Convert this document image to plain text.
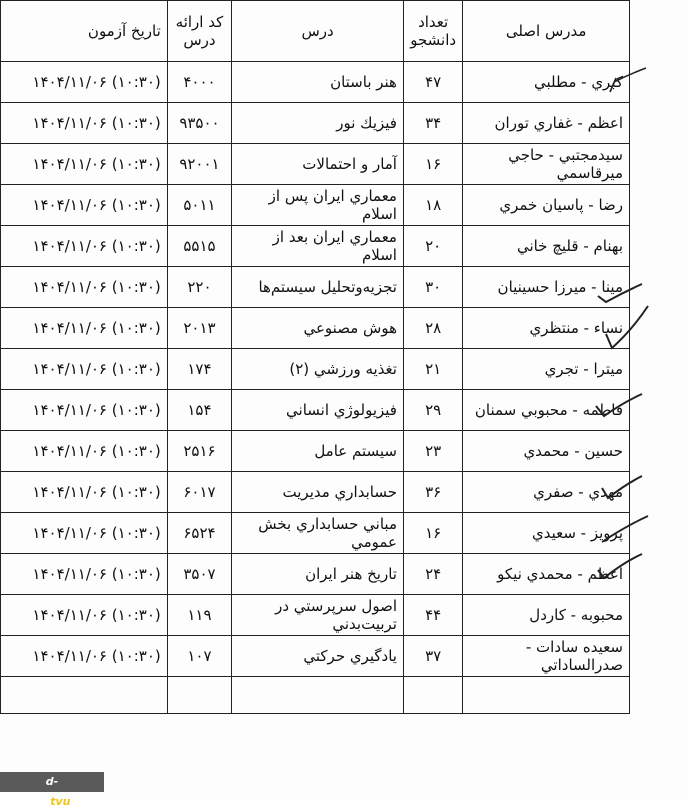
مدرس اصلی	تعداد دانشجو	درس	کد ارائه درس	تاريخ آزمون
كبري - مطلبي	۴۷	هنر باستان	۴۰۰۰	۱۴۰۴/۱۱/۰۶ (۱۰:۳۰)
اعظم - غفاري توران	۳۴	فيزيك نور	۹۳۵۰۰	۱۴۰۴/۱۱/۰۶ (۱۰:۳۰)
سيدمجتبي - حاجي ميرقاسمي	۱۶	آمار و احتمالات	۹۲۰۰۱	۱۴۰۴/۱۱/۰۶ (۱۰:۳۰)
رضا - پاسيان خمري	۱۸	معماري ايران پس از اسلام	۵۰۱۱	۱۴۰۴/۱۱/۰۶ (۱۰:۳۰)
بهنام - قليچ خاني	۲۰	معماري ايران بعد از اسلام	۵۵۱۵	۱۴۰۴/۱۱/۰۶ (۱۰:۳۰)
مينا - ميرزا حسينيان	۳۰	تجزيه‌وتحليل سيستم‌ها	۲۲۰	۱۴۰۴/۱۱/۰۶ (۱۰:۳۰)
نساء - منتظري	۲۸	هوش مصنوعي	۲۰۱۳	۱۴۰۴/۱۱/۰۶ (۱۰:۳۰)
ميترا - تجري	۲۱	تغذيه ورزشي (۲)	۱۷۴	۱۴۰۴/۱۱/۰۶ (۱۰:۳۰)
فاطمه - محبوبي سمنان	۲۹	فيزيولوژي انساني	۱۵۴	۱۴۰۴/۱۱/۰۶ (۱۰:۳۰)
حسين - محمدي	۲۳	سيستم عامل	۲۵۱۶	۱۴۰۴/۱۱/۰۶ (۱۰:۳۰)
مهدي - صفري	۳۶	حسابداري مديريت	۶۰۱۷	۱۴۰۴/۱۱/۰۶ (۱۰:۳۰)
پرويز - سعيدي	۱۶	مباني حسابداري بخش عمومي	۶۵۲۴	۱۴۰۴/۱۱/۰۶ (۱۰:۳۰)
اعظم - محمدي نيكو	۲۴	تاريخ هنر ايران	۳۵۰۷	۱۴۰۴/۱۱/۰۶ (۱۰:۳۰)
محبوبه - كاردل	۴۴	اصول سرپرستي در تربيت‌بدني	۱۱۹	۱۴۰۴/۱۱/۰۶ (۱۰:۳۰)
سعيده سادات - صدرالساداتي	۳۷	يادگيري حركتي	۱۰۷	۱۴۰۴/۱۱/۰۶ (۱۰:۳۰)

d-gorgan.tvu.ac.ir
